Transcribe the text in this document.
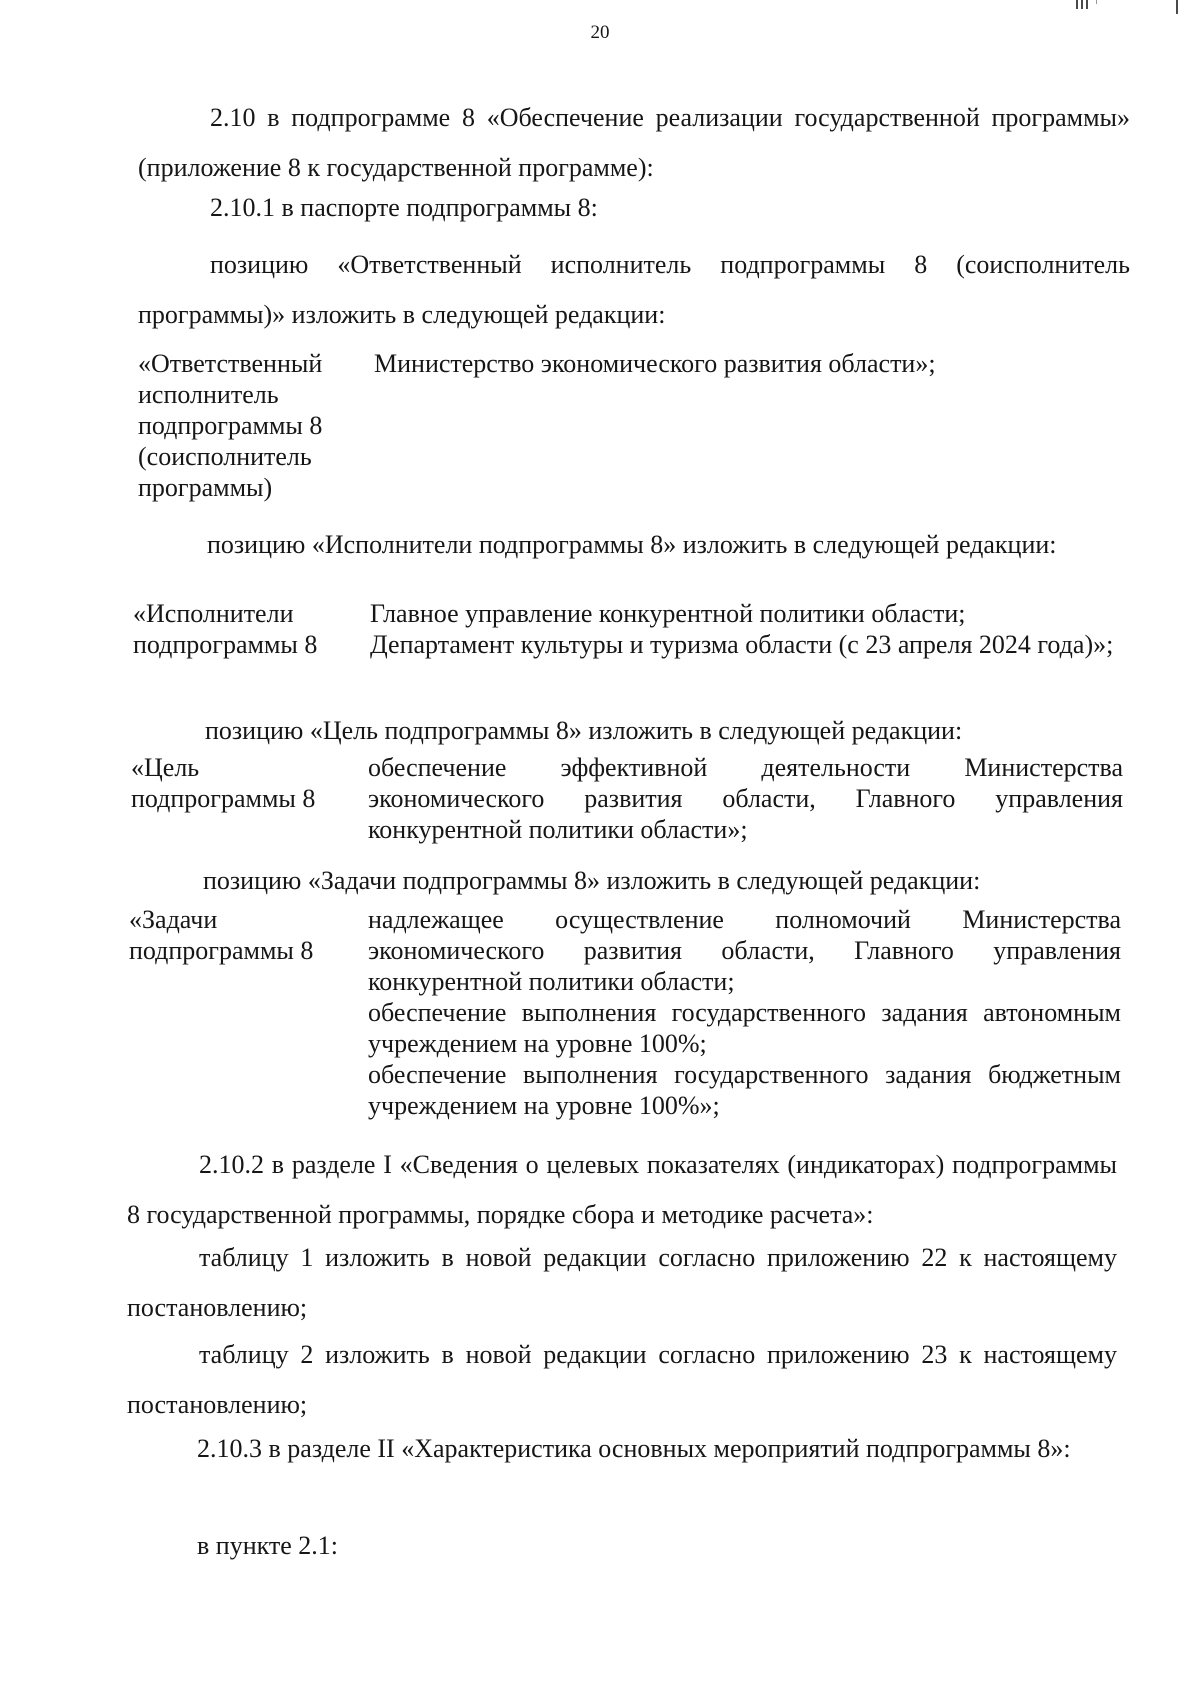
20

2.10 в подпрограмме 8 «Обеспечение реализации государственной программы» (приложение 8 к государственной программе):

2.10.1 в паспорте подпрограммы 8:

позицию «Ответственный исполнитель подпрограммы 8 (соисполнитель программы)» изложить в следующей редакции:

«Ответственный исполнитель подпрограммы 8 (соисполнитель программы)
Министерство экономического развития области»;

позицию «Исполнители подпрограммы 8» изложить в следующей редакции:

«Исполнители подпрограммы 8
Главное управление конкурентной политики области;
Департамент культуры и туризма области (с 23 апреля 2024 года)»;

позицию «Цель подпрограммы 8» изложить в следующей редакции:

«Цель подпрограммы 8
обеспечение эффективной деятельности Министерства экономического развития области, Главного управления конкурентной политики области»;

позицию «Задачи подпрограммы 8» изложить в следующей редакции:

«Задачи подпрограммы 8
надлежащее осуществление полномочий Министерства экономического развития области, Главного управления конкурентной политики области;
обеспечение выполнения государственного задания автономным учреждением на уровне 100%;
обеспечение выполнения государственного задания бюджетным учреждением на уровне 100%»;

2.10.2 в разделе I «Сведения о целевых показателях (индикаторах) подпрограммы 8 государственной программы, порядке сбора и методике расчета»:

таблицу 1 изложить в новой редакции согласно приложению 22 к настоящему постановлению;

таблицу 2 изложить в новой редакции согласно приложению 23 к настоящему постановлению;

2.10.3 в разделе II «Характеристика основных мероприятий подпрограммы 8»:

в пункте 2.1:
